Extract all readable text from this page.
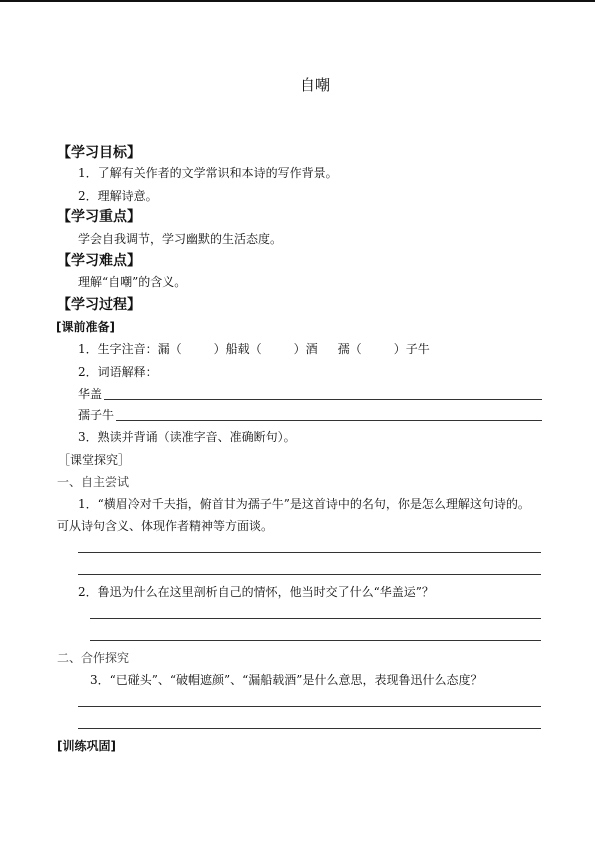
自嘲
【学习目标】
1．了解有关作者的文学常识和本诗的写作背景。
2．理解诗意。
【学习重点】
学会自我调节，学习幽默的生活态度。
【学习难点】
理解“自嘲”的含义。
【学习过程】
[课前准备]
1．生字注音：漏（	）船载（	）酒 孺（	）子牛
2．词语解释：
华盖
孺子牛
3．熟读并背诵（读准字音、准确断句）。
［课堂探究］
一、自主尝试
1．“横眉冷对千夫指，俯首甘为孺子牛”是这首诗中的名句，你是怎么理解这句诗的。
可从诗句含义、体现作者精神等方面谈。
2．鲁迅为什么在这里剖析自己的情怀，他当时交了什么“华盖运”？
二、合作探究
3．“已碰头”、“破帽遮颜”、“漏船载酒”是什么意思，表现鲁迅什么态度？
[训练巩固]
